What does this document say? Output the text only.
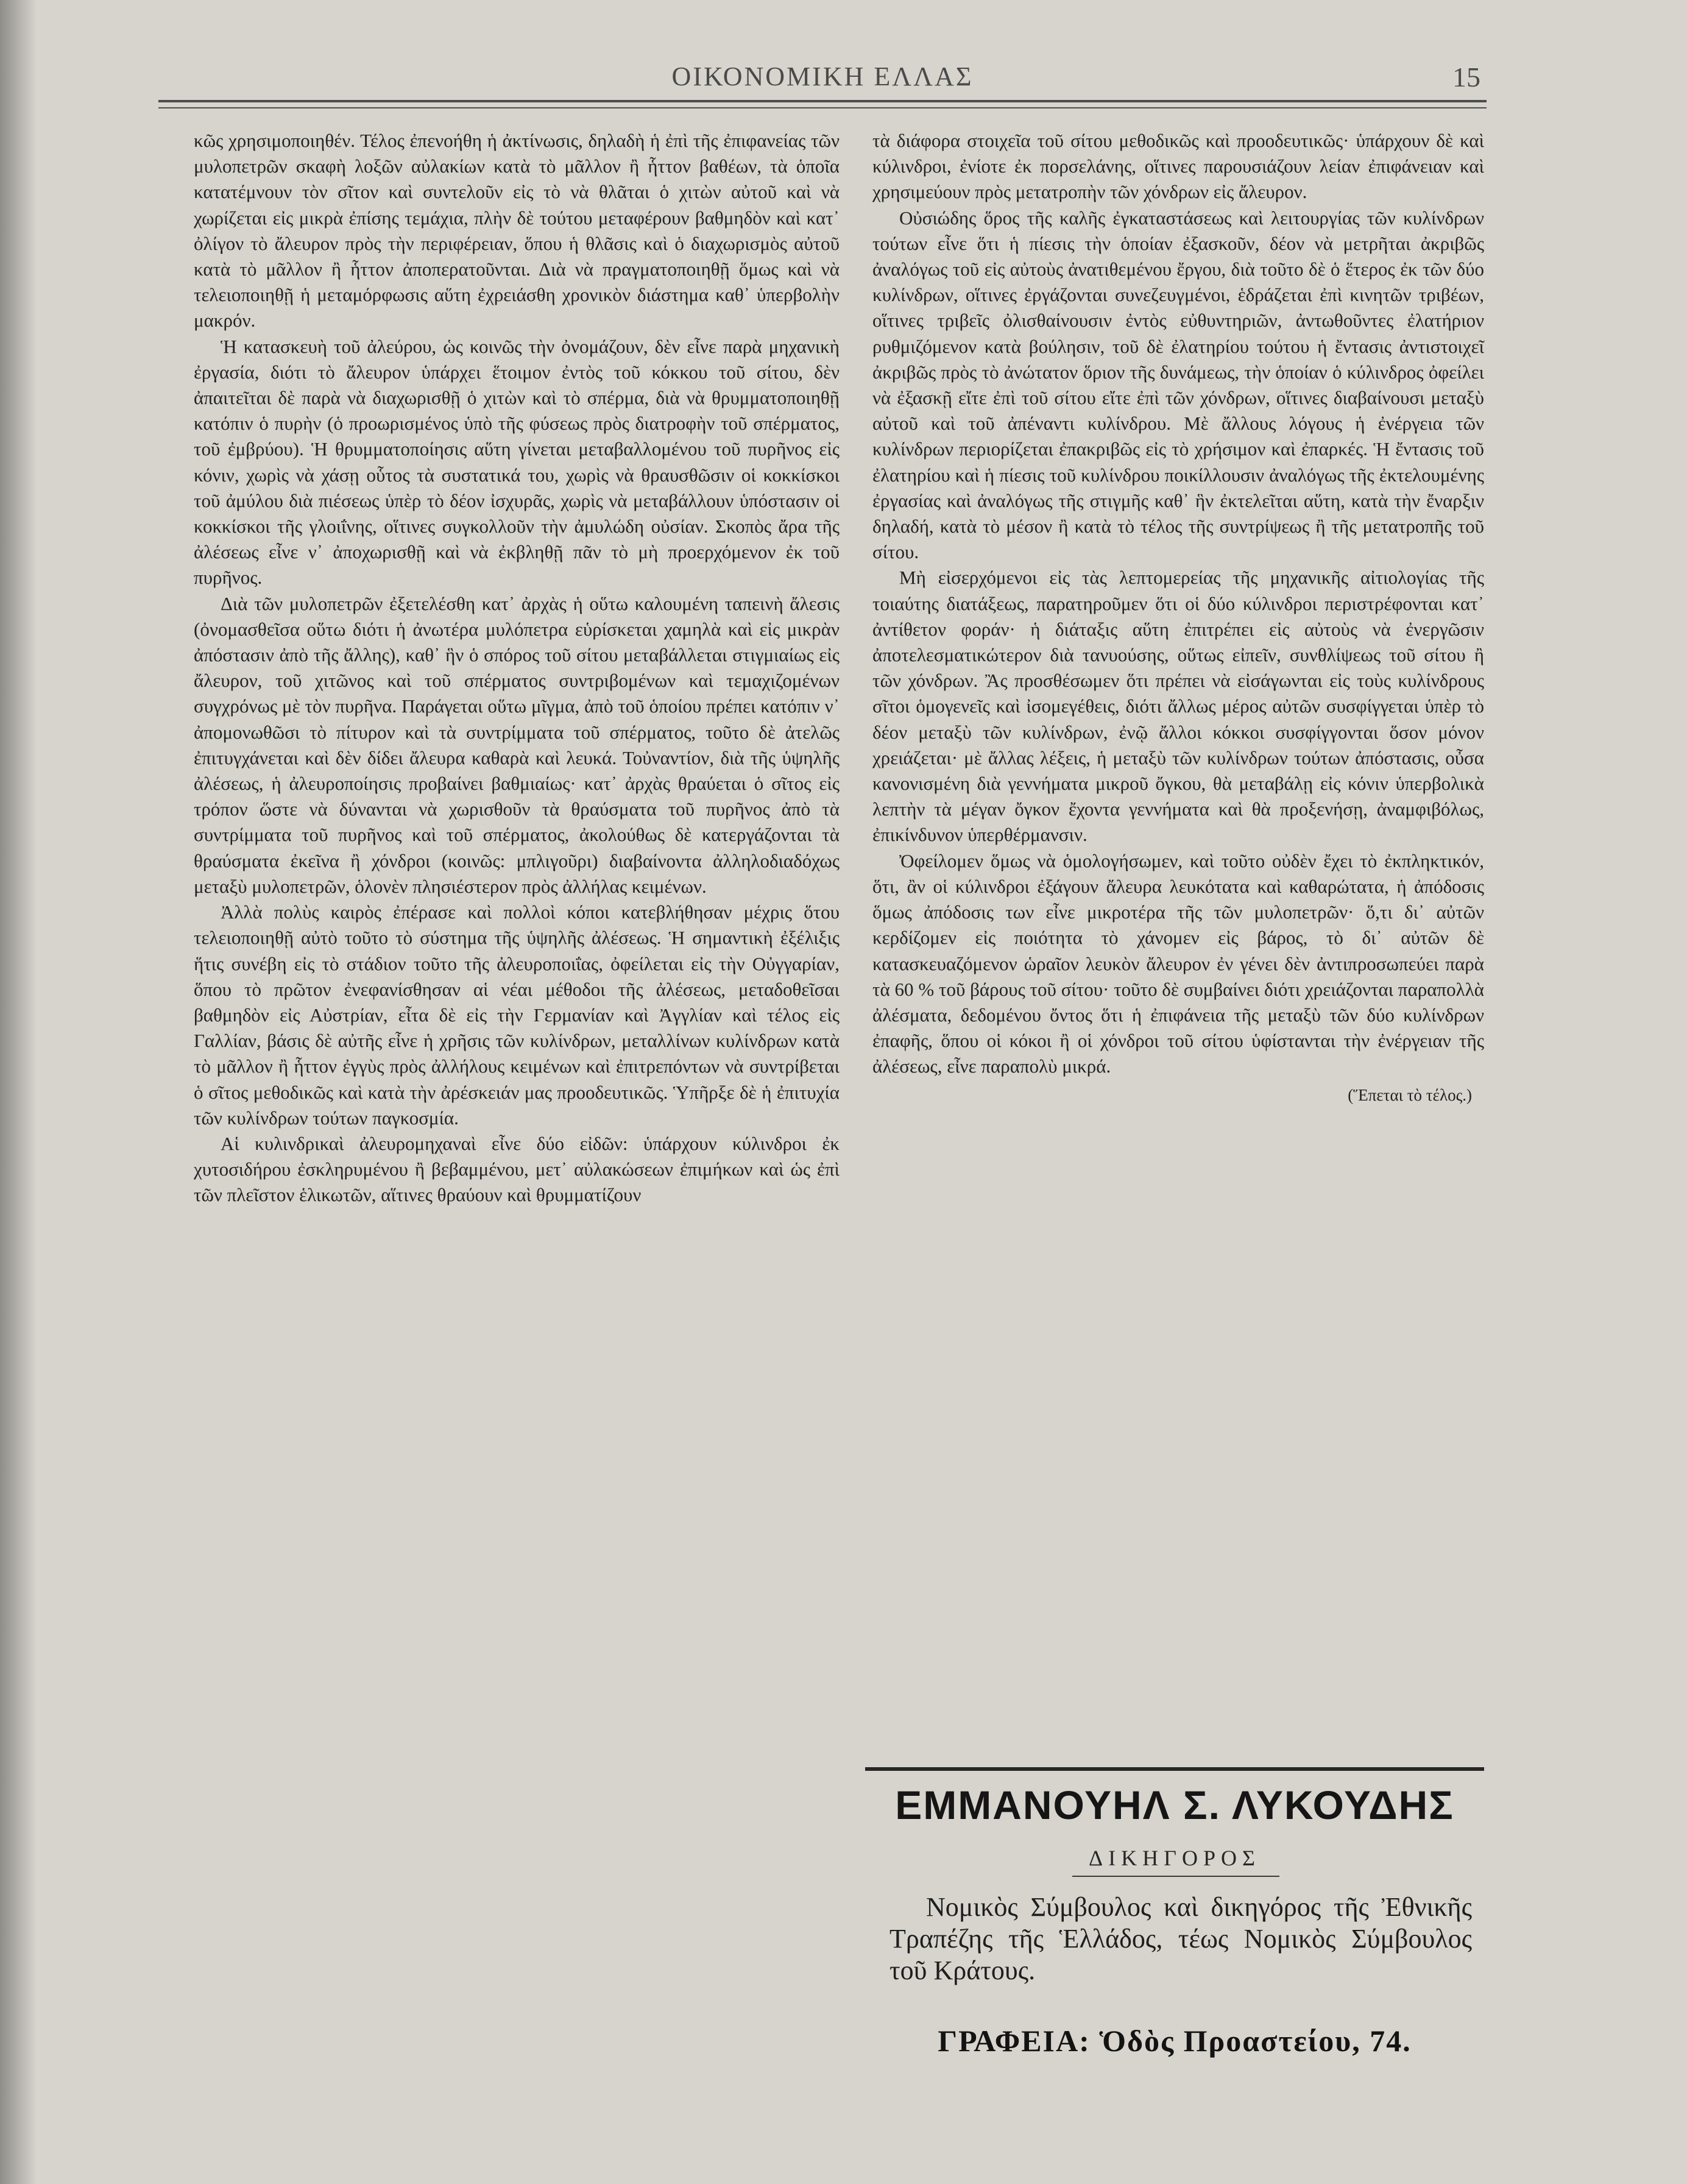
ΟΙΚΟΝΟΜΙΚΗ ΕΛΛΑΣ	15

κῶς χρησιμοποιηθέν. Τέλος ἐπενοήθη ἡ ἀκτίνωσις, δηλαδὴ ἡ ἐπὶ τῆς ἐπιφανείας τῶν μυλοπετρῶν σκαφὴ λοξῶν αὐλακίων κατὰ τὸ μᾶλλον ἢ ἧττον βαθέων, τὰ ὁποῖα κατατέμνουν τὸν σῖτον καὶ συντελοῦν εἰς τὸ νὰ θλᾶται ὁ χιτὼν αὐτοῦ καὶ νὰ χωρίζεται εἰς μικρὰ ἐπίσης τεμάχια, πλὴν δὲ τούτου μεταφέρουν βαθμηδὸν καὶ κατ᾽ ὀλίγον τὸ ἄλευρον πρὸς τὴν περιφέρειαν, ὅπου ἡ θλᾶσις καὶ ὁ διαχωρισμὸς αὐτοῦ κατὰ τὸ μᾶλλον ἢ ἧττον ἀποπερατοῦνται. Διὰ νὰ πραγματοποιηθῇ ὅμως καὶ νὰ τελειοποιηθῇ ἡ μεταμόρφωσις αὕτη ἐχρειάσθη χρονικὸν διάστημα καθ᾽ ὑπερβολὴν μακρόν.

Ἡ κατασκευὴ τοῦ ἀλεύρου, ὡς κοινῶς τὴν ὀνομάζουν, δὲν εἶνε παρὰ μηχανικὴ ἐργασία, διότι τὸ ἄλευρον ὑπάρχει ἕτοιμον ἐντὸς τοῦ κόκκου τοῦ σίτου, δὲν ἀπαιτεῖται δὲ παρὰ νὰ διαχωρισθῇ ὁ χιτὼν καὶ τὸ σπέρμα, διὰ νὰ θρυμματοποιηθῇ κατόπιν ὁ πυρὴν (ὁ προωρισμένος ὑπὸ τῆς φύσεως πρὸς διατροφὴν τοῦ σπέρματος, τοῦ ἐμβρύου). Ἡ θρυμματοποίησις αὕτη γίνεται μεταβαλλομένου τοῦ πυρῆνος εἰς κόνιν, χωρὶς νὰ χάσῃ οὗτος τὰ συστατικά του, χωρὶς νὰ θραυσθῶσιν οἱ κοκκίσκοι τοῦ ἀμύλου διὰ πιέσεως ὑπὲρ τὸ δέον ἰσχυρᾶς, χωρὶς νὰ μεταβάλλουν ὑπόστασιν οἱ κοκκίσκοι τῆς γλοιΐνης, οἵτινες συγκολλοῦν τὴν ἀμυλώδη οὐσίαν. Σκοπὸς ἄρα τῆς ἀλέσεως εἶνε ν᾽ ἀποχωρισθῇ καὶ νὰ ἐκβληθῇ πᾶν τὸ μὴ προερχόμενον ἐκ τοῦ πυρῆνος.

Διὰ τῶν μυλοπετρῶν ἐξετελέσθη κατ᾽ ἀρχὰς ἡ οὕτω καλουμένη ταπεινὴ ἄλεσις (ὀνομασθεῖσα οὕτω διότι ἡ ἀνωτέρα μυλόπετρα εὑρίσκεται χαμηλὰ καὶ εἰς μικρὰν ἀπόστασιν ἀπὸ τῆς ἄλλης), καθ᾽ ἣν ὁ σπόρος τοῦ σίτου μεταβάλλεται στιγμιαίως εἰς ἄλευρον, τοῦ χιτῶνος καὶ τοῦ σπέρματος συντριβομένων καὶ τεμαχιζομένων συγχρόνως μὲ τὸν πυρῆνα. Παράγεται οὕτω μῖγμα, ἀπὸ τοῦ ὁποίου πρέπει κατόπιν ν᾽ ἀπομονωθῶσι τὸ πίτυρον καὶ τὰ συντρίμματα τοῦ σπέρματος, τοῦτο δὲ ἀτελῶς ἐπιτυγχάνεται καὶ δὲν δίδει ἄλευρα καθαρὰ καὶ λευκά. Τοὐναντίον, διὰ τῆς ὑψηλῆς ἀλέσεως, ἡ ἀλευροποίησις προβαίνει βαθμιαίως· κατ᾽ ἀρχὰς θραύεται ὁ σῖτος εἰς τρόπον ὥστε νὰ δύνανται νὰ χωρισθοῦν τὰ θραύσματα τοῦ πυρῆνος ἀπὸ τὰ συντρίμματα τοῦ πυρῆνος καὶ τοῦ σπέρματος, ἀκολούθως δὲ κατεργάζονται τὰ θραύσματα ἐκεῖνα ἢ χόνδροι (κοινῶς: μπλιγοῦρι) διαβαίνοντα ἀλληλοδιαδόχως μεταξὺ μυλοπετρῶν, ὁλονὲν πλησιέστερον πρὸς ἀλλήλας κειμένων.

Ἀλλὰ πολὺς καιρὸς ἐπέρασε καὶ πολλοὶ κόποι κατεβλήθησαν μέχρις ὅτου τελειοποιηθῇ αὐτὸ τοῦτο τὸ σύστημα τῆς ὑψηλῆς ἀλέσεως. Ἡ σημαντικὴ ἐξέλιξις ἥτις συνέβη εἰς τὸ στάδιον τοῦτο τῆς ἀλευροποιΐας, ὀφείλεται εἰς τὴν Οὐγγαρίαν, ὅπου τὸ πρῶτον ἐνεφανίσθησαν αἱ νέαι μέθοδοι τῆς ἀλέσεως, μεταδοθεῖσαι βαθμηδὸν εἰς Αὐστρίαν, εἶτα δὲ εἰς τὴν Γερμανίαν καὶ Ἀγγλίαν καὶ τέλος εἰς Γαλλίαν, βάσις δὲ αὐτῆς εἶνε ἡ χρῆσις τῶν κυλίνδρων, μεταλλίνων κυλίνδρων κατὰ τὸ μᾶλλον ἢ ἧττον ἐγγὺς πρὸς ἀλλήλους κειμένων καὶ ἐπιτρεπόντων νὰ συντρίβεται ὁ σῖτος μεθοδικῶς καὶ κατὰ τὴν ἀρέσκειάν μας προοδευτικῶς. Ὑπῆρξε δὲ ἡ ἐπιτυχία τῶν κυλίνδρων τούτων παγκοσμία.

Αἱ κυλινδρικαὶ ἀλευρομηχαναὶ εἶνε δύο εἰδῶν: ὑπάρχουν κύλινδροι ἐκ χυτοσιδήρου ἐσκληρυμένου ἢ βεβαμμένου, μετ᾽ αὐλακώσεων ἐπιμήκων καὶ ὡς ἐπὶ τῶν πλεῖστον ἑλικωτῶν, αἵτινες θραύουν καὶ θρυμματίζουν

τὰ διάφορα στοιχεῖα τοῦ σίτου μεθοδικῶς καὶ προοδευτικῶς· ὑπάρχουν δὲ καὶ κύλινδροι, ἐνίοτε ἐκ πορσελάνης, οἵτινες παρουσιάζουν λείαν ἐπιφάνειαν καὶ χρησιμεύουν πρὸς μετατροπὴν τῶν χόνδρων εἰς ἄλευρον.

Οὐσιώδης ὅρος τῆς καλῆς ἐγκαταστάσεως καὶ λειτουργίας τῶν κυλίνδρων τούτων εἶνε ὅτι ἡ πίεσις τὴν ὁποίαν ἐξασκοῦν, δέον νὰ μετρῆται ἀκριβῶς ἀναλόγως τοῦ εἰς αὐτοὺς ἀνατιθεμένου ἔργου, διὰ τοῦτο δὲ ὁ ἕτερος ἐκ τῶν δύο κυλίνδρων, οἵτινες ἐργάζονται συνεζευγμένοι, ἑδράζεται ἐπὶ κινητῶν τριβέων, οἵτινες τριβεῖς ὀλισθαίνουσιν ἐντὸς εὐθυντηριῶν, ἀντωθοῦντες ἐλατήριον ρυθμιζόμενον κατὰ βούλησιν, τοῦ δὲ ἐλατηρίου τούτου ἡ ἔντασις ἀντιστοιχεῖ ἀκριβῶς πρὸς τὸ ἀνώτατον ὅριον τῆς δυνάμεως, τὴν ὁποίαν ὁ κύλινδρος ὀφείλει νὰ ἐξασκῇ εἴτε ἐπὶ τοῦ σίτου εἴτε ἐπὶ τῶν χόνδρων, οἵτινες διαβαίνουσι μεταξὺ αὐτοῦ καὶ τοῦ ἀπέναντι κυλίνδρου. Μὲ ἄλλους λόγους ἡ ἐνέργεια τῶν κυλίνδρων περιορίζεται ἐπακριβῶς εἰς τὸ χρήσιμον καὶ ἐπαρκές. Ἡ ἔντασις τοῦ ἐλατηρίου καὶ ἡ πίεσις τοῦ κυλίνδρου ποικίλλουσιν ἀναλόγως τῆς ἐκτελουμένης ἐργασίας καὶ ἀναλόγως τῆς στιγμῆς καθ᾽ ἣν ἐκτελεῖται αὕτη, κατὰ τὴν ἔναρξιν δηλαδή, κατὰ τὸ μέσον ἢ κατὰ τὸ τέλος τῆς συντρίψεως ἢ τῆς μετατροπῆς τοῦ σίτου.

Μὴ εἰσερχόμενοι εἰς τὰς λεπτομερείας τῆς μηχανικῆς αἰτιολογίας τῆς τοιαύτης διατάξεως, παρατηροῦμεν ὅτι οἱ δύο κύλινδροι περιστρέφονται κατ᾽ ἀντίθετον φοράν· ἡ διάταξις αὕτη ἐπιτρέπει εἰς αὐτοὺς νὰ ἐνεργῶσιν ἀποτελεσματικώτερον διὰ τανυούσης, οὕτως εἰπεῖν, συνθλίψεως τοῦ σίτου ἢ τῶν χόνδρων. Ἂς προσθέσωμεν ὅτι πρέπει νὰ εἰσάγωνται εἰς τοὺς κυλίνδρους σῖτοι ὁμογενεῖς καὶ ἰσομεγέθεις, διότι ἄλλως μέρος αὐτῶν συσφίγγεται ὑπὲρ τὸ δέον μεταξὺ τῶν κυλίνδρων, ἐνῷ ἄλλοι κόκκοι συσφίγγονται ὅσον μόνον χρειάζεται· μὲ ἄλλας λέξεις, ἡ μεταξὺ τῶν κυλίνδρων τούτων ἀπόστασις, οὖσα κανονισμένη διὰ γεννήματα μικροῦ ὄγκου, θὰ μεταβάλῃ εἰς κόνιν ὑπερβολικὰ λεπτὴν τὰ μέγαν ὄγκον ἔχοντα γεννήματα καὶ θὰ προξενήσῃ, ἀναμφιβόλως, ἐπικίνδυνον ὑπερθέρμανσιν.

Ὀφείλομεν ὅμως νὰ ὁμολογήσωμεν, καὶ τοῦτο οὐδὲν ἔχει τὸ ἐκπληκτικόν, ὅτι, ἂν οἱ κύλινδροι ἐξάγουν ἄλευρα λευκότατα καὶ καθαρώτατα, ἡ ἀπόδοσις ὅμως ἀπόδοσις των εἶνε μικροτέρα τῆς τῶν μυλοπετρῶν· ὅ,τι δι᾽ αὐτῶν κερδίζομεν εἰς ποιότητα τὸ χάνομεν εἰς βάρος, τὸ δι᾽ αὐτῶν δὲ κατασκευαζόμενον ὡραῖον λευκὸν ἄλευρον ἐν γένει δὲν ἀντιπροσωπεύει παρὰ τὰ 60 % τοῦ βάρους τοῦ σίτου· τοῦτο δὲ συμβαίνει διότι χρειάζονται παραπολλὰ ἀλέσματα, δεδομένου ὄντος ὅτι ἡ ἐπιφάνεια τῆς μεταξὺ τῶν δύο κυλίνδρων ἐπαφῆς, ὅπου οἱ κόκοι ἢ οἱ χόνδροι τοῦ σίτου ὑφίστανται τὴν ἐνέργειαν τῆς ἀλέσεως, εἶνε παραπολὺ μικρά.

(Ἕπεται τὸ τέλος.)
ΕΜΜΑΝΟΥΗΛ Σ. ΛΥΚΟΥΔΗΣ
ΔΙΚΗΓΟΡΟΣ
Νομικὸς Σύμβουλος καὶ δικηγόρος τῆς Ἐθνικῆς Τραπέζης τῆς Ἑλλάδος, τέως Νομικὸς Σύμβουλος τοῦ Κράτους.
ΓΡΑΦΕΙΑ: Ὁδὸς Προαστείου, 74.
